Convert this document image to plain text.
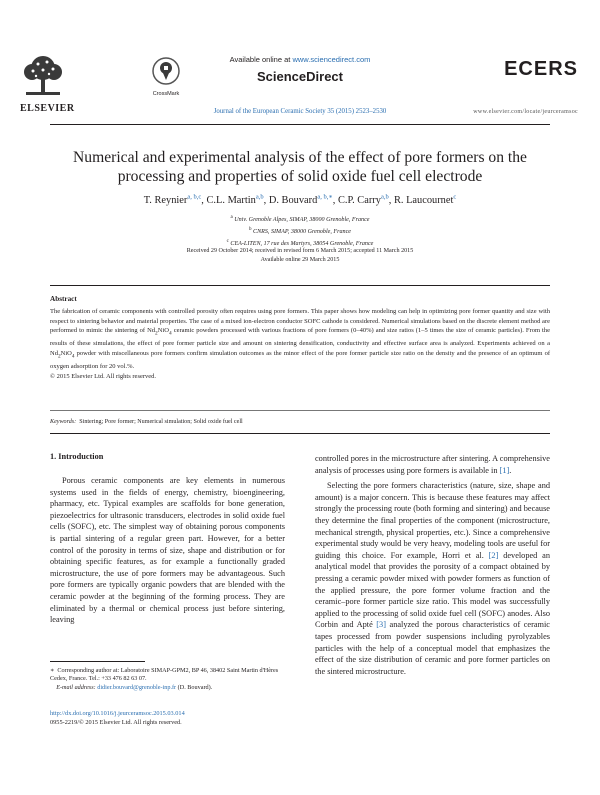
ELSEVIER
CrossMark
Available online at www.sciencedirect.com
ScienceDirect
Journal of the European Ceramic Society 35 (2015) 2523–2530
ECERS
www.elsevier.com/locate/jeurceramsoc
Numerical and experimental analysis of the effect of pore formers on the processing and properties of solid oxide fuel cell electrode
T. Reynier$^{a, b,c}$, C.L. Martin$^{a,b}$, D. Bouvard$^{a, b,∗}$, C.P. Carry$^{a,b}$, R. Laucournet$^c$
$^a$ Univ. Grenoble Alpes, SIMAP, 38000 Grenoble, France
$^b$ CNRS, SIMAP, 38000 Grenoble, France
$^c$ CEA-LITEN, 17 rue des Martyrs, 38054 Grenoble, France
Received 29 October 2014; received in revised form 6 March 2015; accepted 11 March 2015
Available online 29 March 2015
Abstract
The fabrication of ceramic components with controlled porosity often requires using pore formers. This paper shows how modeling can help in optimizing pore former quantity and size with respect to sintering behavior and material properties. The case of a mixed ion-electron conductor SOFC cathode is considered. Numerical simulations based on the discrete element method are performed to mimic the sintering of $Nd_2NiO_4$ ceramic powders processed with various fractions of pore formers (0–40%) and size ratios (1–5 times the size of ceramic particles). From the results of these simulations, the effect of pore former particle size and amount on sintering densification, conductivity and effective surface area is analyzed. Experiments achieved on a $Nd_2NiO_4$ powder with miscellaneous pore formers confirm simulation outcomes as the minor effect of the pore former particle size ratio on the density and the presence of an optimum of oxygen adsorption for 20 vol.%.
© 2015 Elsevier Ltd. All rights reserved.
Keywords: Sintering; Pore former; Numerical simulation; Solid oxide fuel cell
1. Introduction

Porous ceramic components are key elements in numerous systems used in the fields of energy, chemistry, bioengineering, pharmacy, etc. Typical examples are scaffolds for bone generation, piezoelectrics for ultrasonic transducers, electrodes in solid oxide fuel cells (SOFC), etc. The simplest way of obtaining porous components is partial sintering of a regular green part. However, for a better control of the porosity in terms of size, shape and distribution or for obtaining specific features, as for example a functionally graded microstructure, the use of pore formers may be advantageous. Such pore formers are typically organic powders that are blended with the ceramic powder at the beginning of the forming process. They are eliminated by a thermal or chemical process just before sintering, leaving

controlled pores in the microstructure after sintering. A comprehensive analysis of processes using pore formers is available in [1].

Selecting the pore formers characteristics (nature, size, shape and amount) is a major concern. This is because these features may affect strongly the processing route (both forming and sintering) and because they determine the final properties of the component (microstructure, mechanical strength, physical properties, etc.). Since a comprehensive experimental study would be very heavy, modeling tools are useful for guiding this choice. For example, Horri et al. [2] developed an analytical model that provides the porosity of a compact obtained by pressing a ceramic powder mixed with powder formers as function of the applied pressure, the pore former volume fraction and the ceramic–pore former particle size ratio. This model was successfully applied to the processing of solid oxide fuel cell (SOFC) anodes. Also Corbin and Apté [3] analyzed the porous characteristics of ceramic tapes processed from powder suspensions including pyrolyzables particles with the help of a conceptual model that emphasizes the effect of the size distribution of ceramic and pore former particles on the sintered microstructure.

∗ Corresponding author at: Laboratoire SIMAP-GPM2, BP 46, 38402 Saint Martin d'Hères Cedex, France. Tel.: +33 476 82 63 07.
E-mail address: didier.bouvard@grenoble-inp.fr (D. Bouvard).
http://dx.doi.org/10.1016/j.jeurceramsoc.2015.03.014
0955-2219/© 2015 Elsevier Ltd. All rights reserved.
